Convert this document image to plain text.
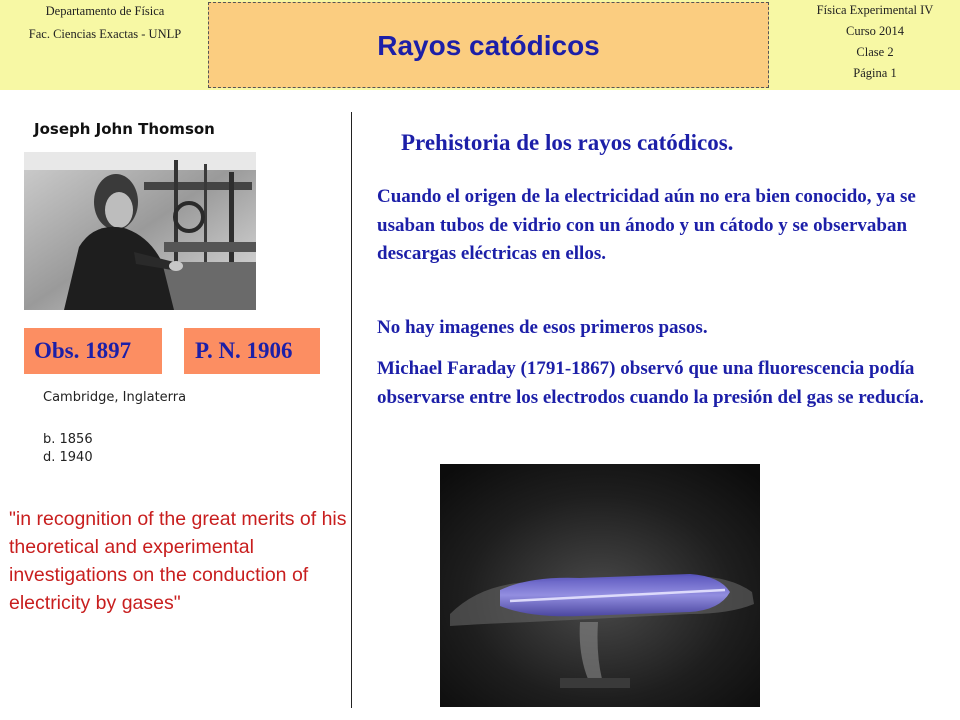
Departamento de Física
Fac. Ciencias Exactas - UNLP	Rayos catódicos
Física Experimental IV
Curso 2014
Clase 2
Página 1
Joseph John Thomson
Obs. 1897	P. N. 1906
Cambridge, Inglaterra
b. 1856
d. 1940
"in recognition of the great merits of his theoretical and experimental investigations on the conduction of electricity by gases"
Prehistoria de los rayos catódicos.

Cuando el origen de la electricidad aún no era bien conocido, ya se usaban tubos de vidrio con un ánodo y un cátodo y se observaban descargas eléctricas en ellos.

No hay imagenes de esos primeros pasos.

Michael Faraday (1791-1867) observó que una fluorescencia podía observarse entre los electrodos cuando la presión del gas se reducía.
